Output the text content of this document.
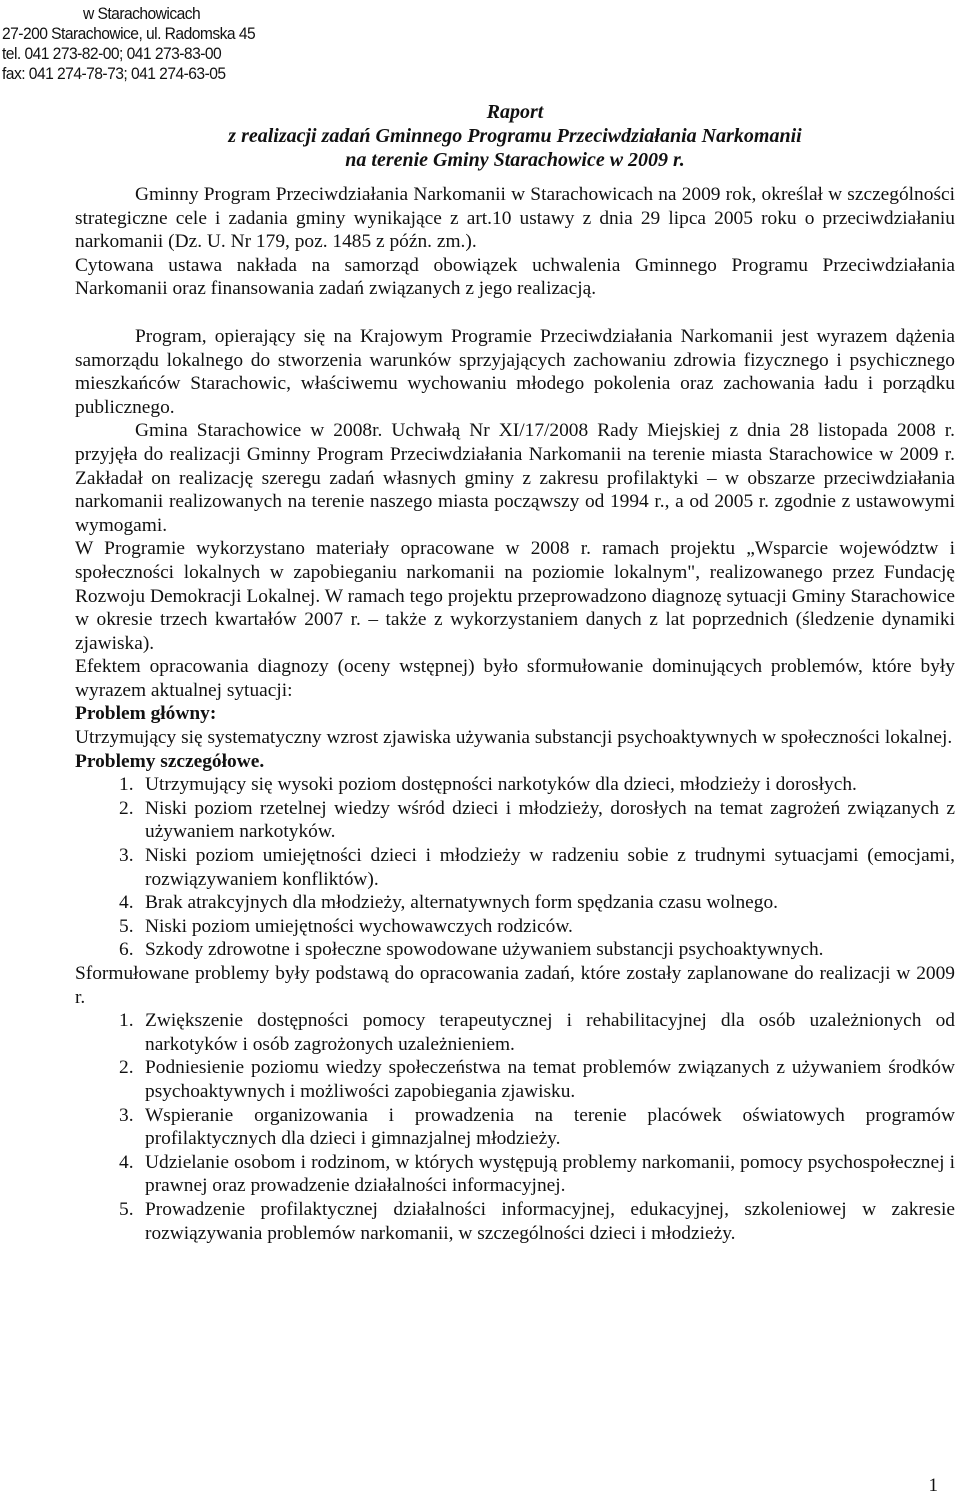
w Starachowicach
27-200 Starachowice, ul. Radomska 45
tel. 041 273-82-00; 041 273-83-00
fax: 041 274-78-73; 041 274-63-05
Raport
z realizacji zadań Gminnego Programu Przeciwdziałania Narkomanii
na terenie Gminy Starachowice w 2009 r.

Gminny Program Przeciwdziałania Narkomanii w Starachowicach na 2009 rok, określał w szczególności strategiczne cele i zadania gminy wynikające z art.10 ustawy z dnia 29 lipca 2005 roku o przeciwdziałaniu narkomanii (Dz. U. Nr 179, poz. 1485 z późn. zm.).

Cytowana ustawa nakłada na samorząd obowiązek uchwalenia Gminnego Programu Przeciwdziałania Narkomanii oraz finansowania zadań związanych z jego realizacją.

Program, opierający się na Krajowym Programie Przeciwdziałania Narkomanii jest wyrazem dążenia samorządu lokalnego do stworzenia warunków sprzyjających zachowaniu zdrowia fizycznego i psychicznego mieszkańców Starachowic, właściwemu wychowaniu młodego pokolenia oraz zachowania ładu i porządku publicznego.

Gmina Starachowice w 2008r. Uchwałą Nr XI/17/2008 Rady Miejskiej z dnia 28 listopada 2008 r. przyjęła do realizacji Gminny Program Przeciwdziałania Narkomanii na terenie miasta Starachowice w 2009 r. Zakładał on realizację szeregu zadań własnych gminy z zakresu profilaktyki – w obszarze przeciwdziałania narkomanii realizowanych na terenie naszego miasta począwszy od 1994 r., a od 2005 r. zgodnie z ustawowymi wymogami.

W Programie wykorzystano materiały opracowane w 2008 r. ramach projektu „Wsparcie województw i społeczności lokalnych w zapobieganiu narkomanii na poziomie lokalnym", realizowanego przez Fundację Rozwoju Demokracji Lokalnej. W ramach tego projektu przeprowadzono diagnozę sytuacji Gminy Starachowice w okresie trzech kwartałów 2007 r. – także z wykorzystaniem danych z lat poprzednich (śledzenie dynamiki zjawiska).

Efektem opracowania diagnozy (oceny wstępnej) było sformułowanie dominujących problemów, które były wyrazem aktualnej sytuacji:

Problem główny:

Utrzymujący się systematyczny wzrost zjawiska używania substancji psychoaktywnych w społeczności lokalnej.

Problemy szczegółowe.

1. Utrzymujący się wysoki poziom dostępności narkotyków dla dzieci, młodzieży i dorosłych.
2. Niski poziom rzetelnej wiedzy wśród dzieci i młodzieży, dorosłych na temat zagrożeń związanych z używaniem narkotyków.
3. Niski poziom umiejętności dzieci i młodzieży w radzeniu sobie z trudnymi sytuacjami (emocjami, rozwiązywaniem konfliktów).
4. Brak atrakcyjnych dla młodzieży, alternatywnych form spędzania czasu wolnego.
5. Niski poziom umiejętności wychowawczych rodziców.
6. Szkody zdrowotne i społeczne spowodowane używaniem substancji psychoaktywnych.

Sformułowane problemy były podstawą do opracowania zadań, które zostały zaplanowane do realizacji w 2009 r.

1. Zwiększenie dostępności pomocy terapeutycznej i rehabilitacyjnej dla osób uzależnionych od narkotyków i osób zagrożonych uzależnieniem.
2. Podniesienie poziomu wiedzy społeczeństwa na temat problemów związanych z używaniem środków psychoaktywnych i możliwości zapobiegania zjawisku.
3. Wspieranie organizowania i prowadzenia na terenie placówek oświatowych programów profilaktycznych dla dzieci i gimnazjalnej młodzieży.
4. Udzielanie osobom i rodzinom, w których występują problemy narkomanii, pomocy psychospołecznej i prawnej oraz prowadzenie działalności informacyjnej.
5. Prowadzenie profilaktycznej działalności informacyjnej, edukacyjnej, szkoleniowej w zakresie rozwiązywania problemów narkomanii, w szczególności dzieci i młodzieży.
1
